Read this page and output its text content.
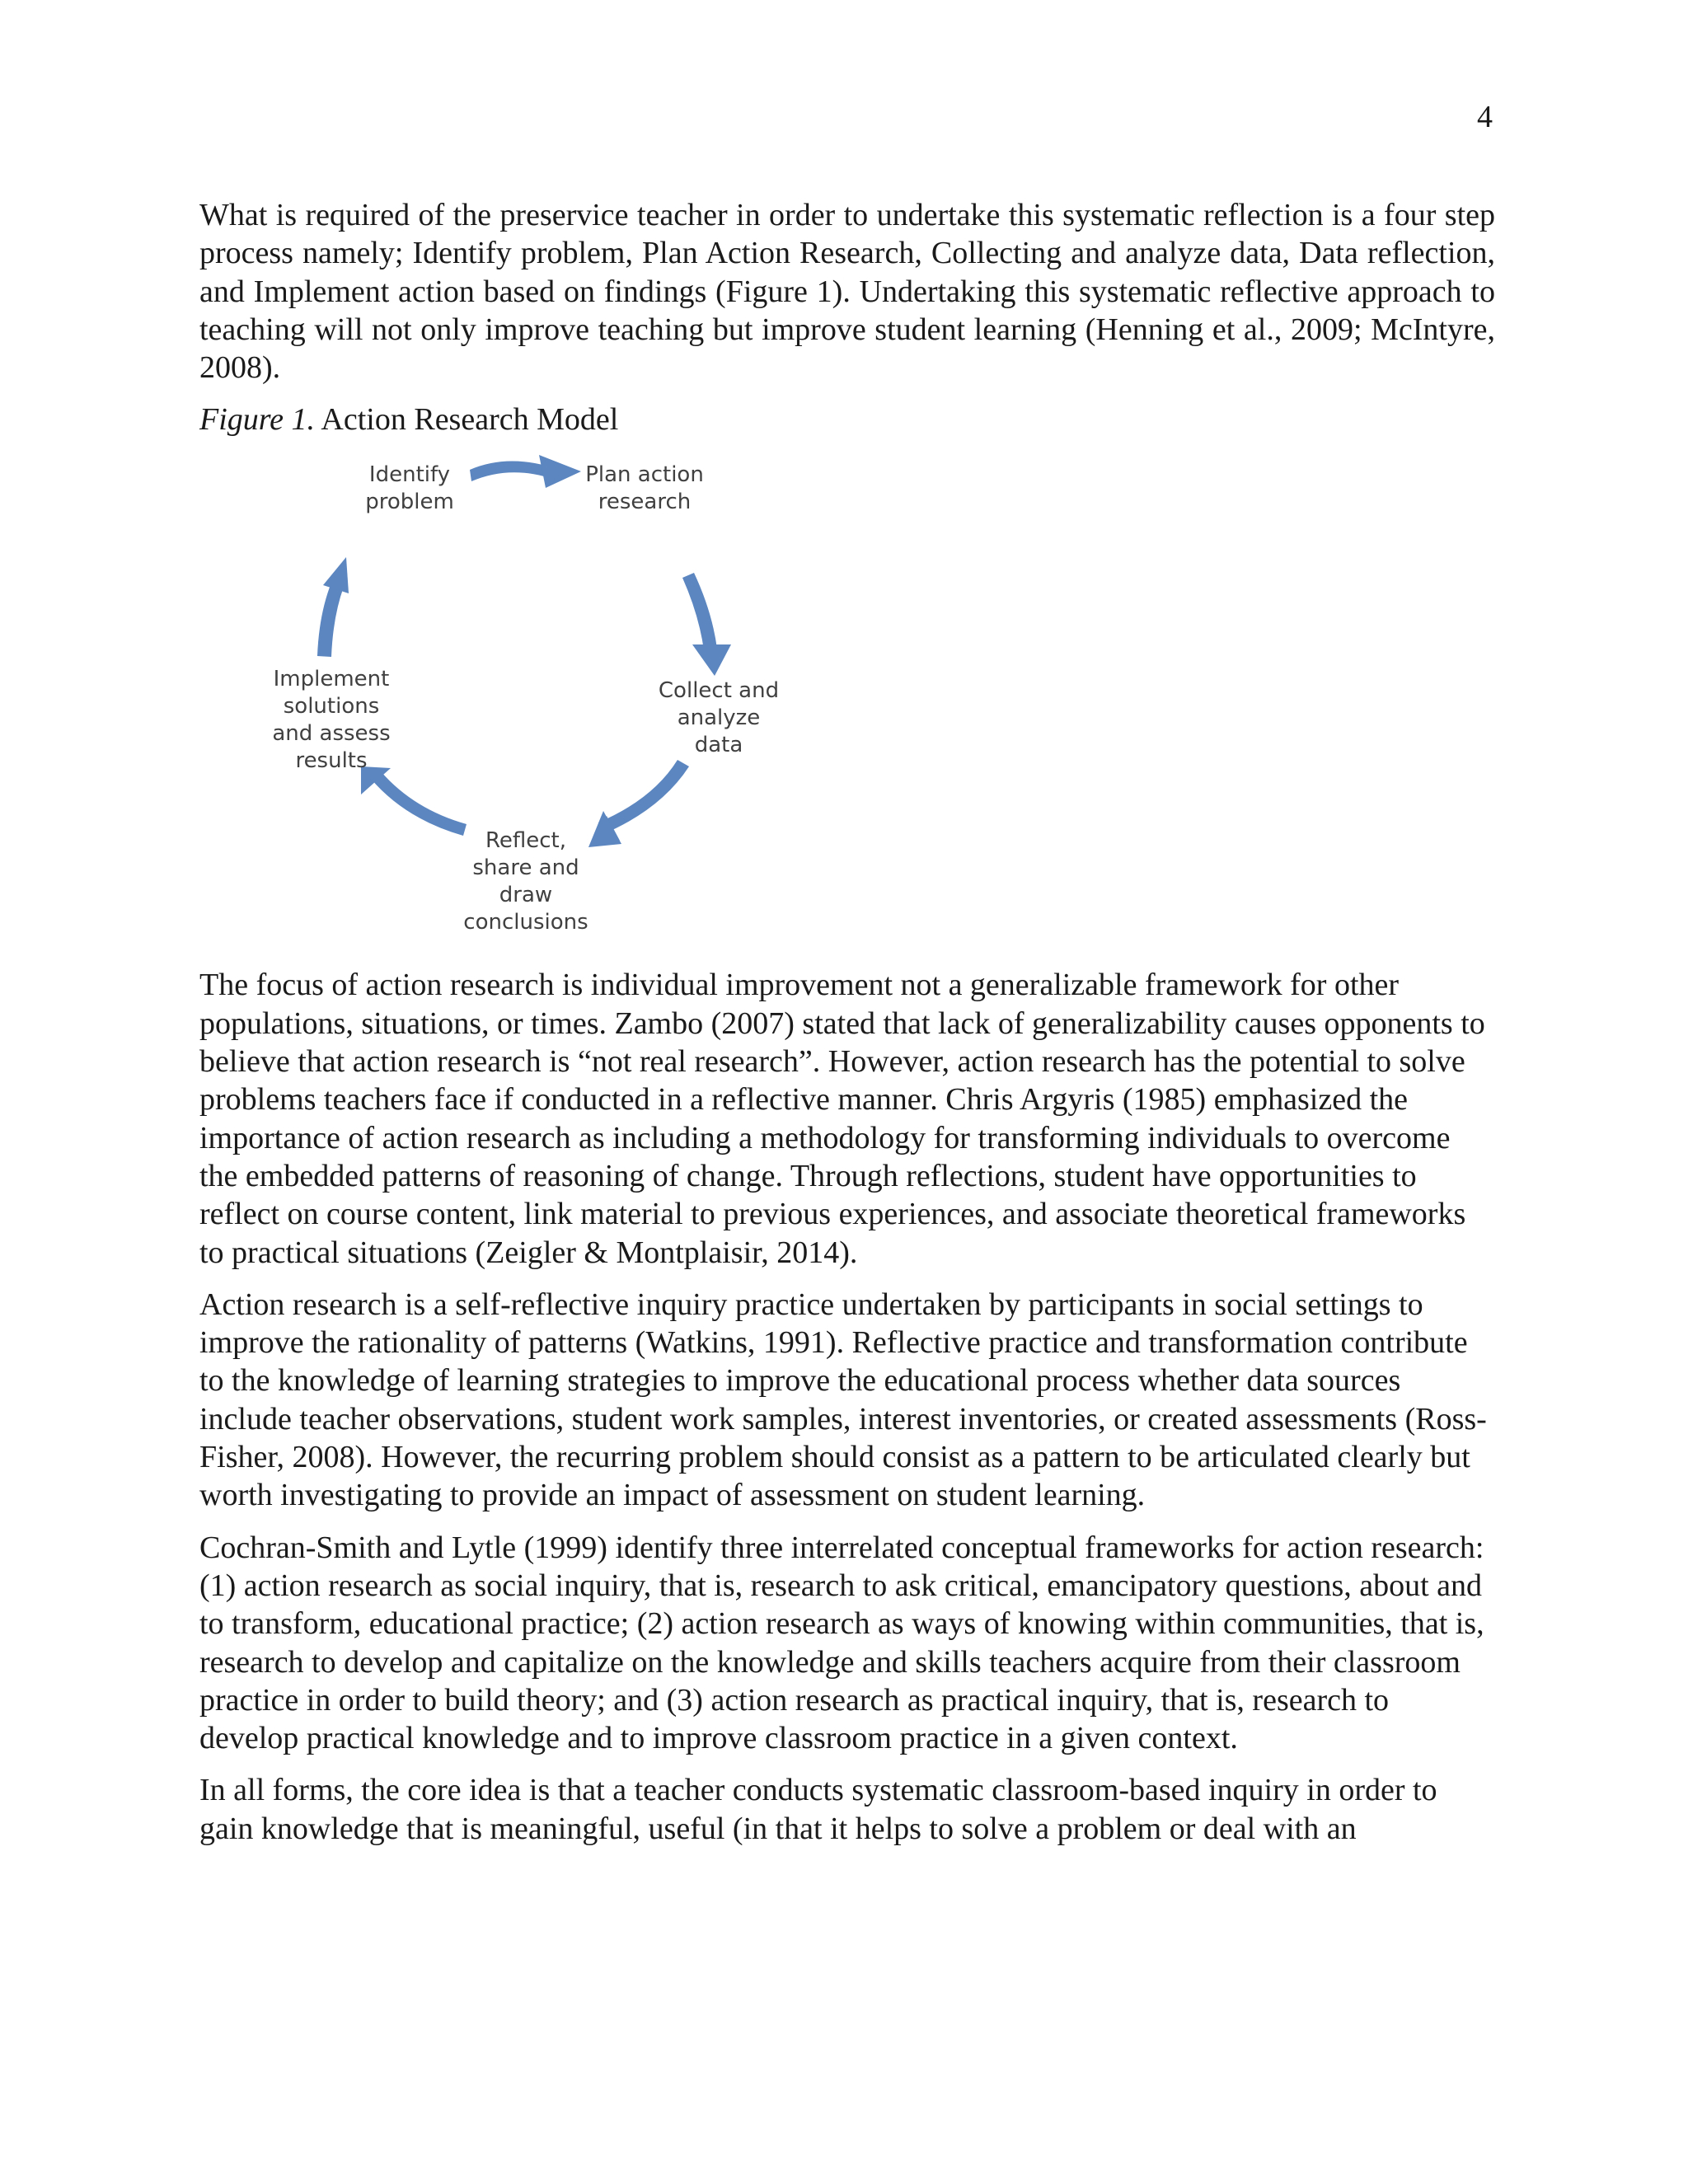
4

What is required of the preservice teacher in order to undertake this systematic reflection is a four step process namely; Identify problem, Plan Action Research, Collecting and analyze data, Data reflection, and Implement action based on findings (Figure 1). Undertaking this systematic reflective approach to teaching will not only improve teaching but improve student learning (Henning et al., 2009; McIntyre, 2008).

Figure 1. Action Research Model

Identify
problem
Plan action
research
Collect and
analyze
data
Reflect,
share and
draw
conclusions
Implement
solutions
and assess
results

The focus of action research is individual improvement not a generalizable framework for other populations, situations, or times. Zambo (2007) stated that lack of generalizability causes opponents to believe that action research is “not real research”. However, action research has the potential to solve problems teachers face if conducted in a reflective manner. Chris Argyris (1985) emphasized the importance of action research as including a methodology for transforming individuals to overcome the embedded patterns of reasoning of change. Through reflections, student have opportunities to reflect on course content, link material to previous experiences, and associate theoretical frameworks to practical situations (Zeigler & Montplaisir, 2014).

Action research is a self-reflective inquiry practice undertaken by participants in social settings to improve the rationality of patterns (Watkins, 1991). Reflective practice and transformation contribute to the knowledge of learning strategies to improve the educational process whether data sources include teacher observations, student work samples, interest inventories, or created assessments (Ross-Fisher, 2008). However, the recurring problem should consist as a pattern to be articulated clearly but worth investigating to provide an impact of assessment on student learning.

Cochran-Smith and Lytle (1999) identify three interrelated conceptual frameworks for action research: (1) action research as social inquiry, that is, research to ask critical, emancipatory questions, about and to transform, educational practice; (2) action research as ways of knowing within communities, that is, research to develop and capitalize on the knowledge and skills teachers acquire from their classroom practice in order to build theory; and (3) action research as practical inquiry, that is, research to develop practical knowledge and to improve classroom practice in a given context.

In all forms, the core idea is that a teacher conducts systematic classroom-based inquiry in order to gain knowledge that is meaningful, useful (in that it helps to solve a problem or deal with an
